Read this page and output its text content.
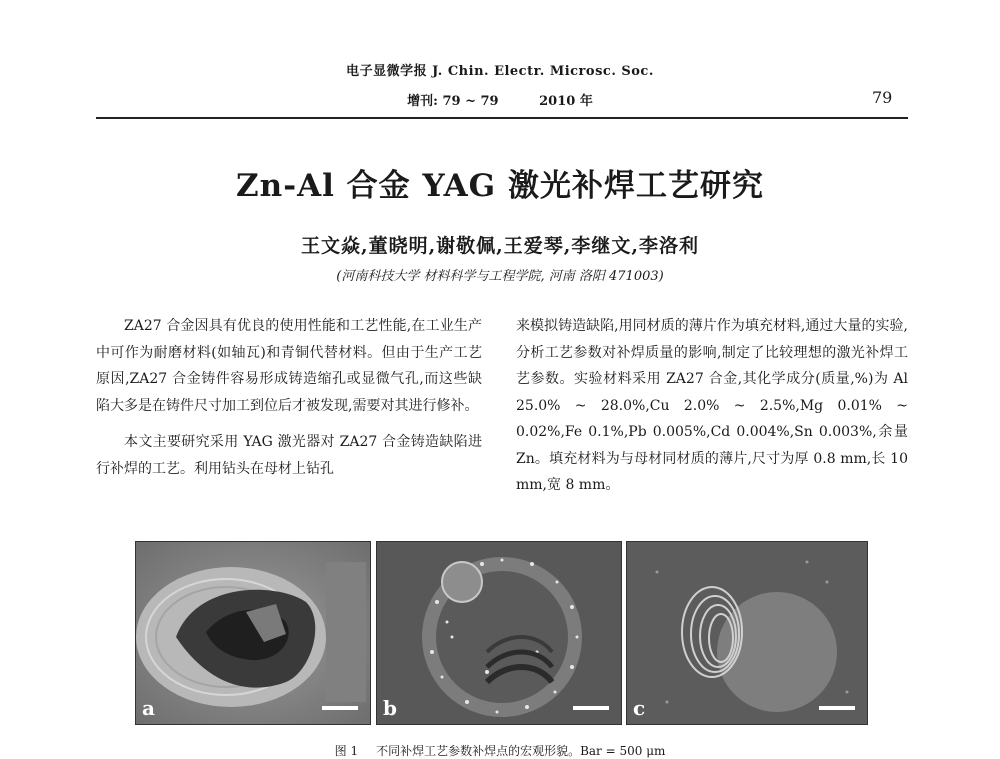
电子显微学报 J. Chin. Electr. Microsc. Soc.
增刊: 79 ~ 79	2010 年	79
Zn-Al 合金 YAG 激光补焊工艺研究
王文焱,董晓明,谢敬佩,王爱琴,李继文,李洛利
(河南科技大学 材料科学与工程学院, 河南 洛阳 471003)

ZA27 合金因具有优良的使用性能和工艺性能,在工业生产中可作为耐磨材料(如轴瓦)和青铜代替材料。但由于生产工艺原因,ZA27 合金铸件容易形成铸造缩孔或显微气孔,而这些缺陷大多是在铸件尺寸加工到位后才被发现,需要对其进行修补。

本文主要研究采用 YAG 激光器对 ZA27 合金铸造缺陷进行补焊的工艺。利用钻头在母材上钻孔

来模拟铸造缺陷,用同材质的薄片作为填充材料,通过大量的实验,分析工艺参数对补焊质量的影响,制定了比较理想的激光补焊工艺参数。实验材料采用 ZA27 合金,其化学成分(质量,%)为 Al 25.0% ~ 28.0%,Cu 2.0% ~ 2.5%,Mg 0.01% ~ 0.02%,Fe 0.1%,Pb 0.005%,Cd 0.004%,Sn 0.003%,余量 Zn。填充材料为与母材同材质的薄片,尺寸为厚 0.8 mm,长 10 mm,宽 8 mm。

a	b	c
图 1 不同补焊工艺参数补焊点的宏观形貌。Bar = 500 μm
